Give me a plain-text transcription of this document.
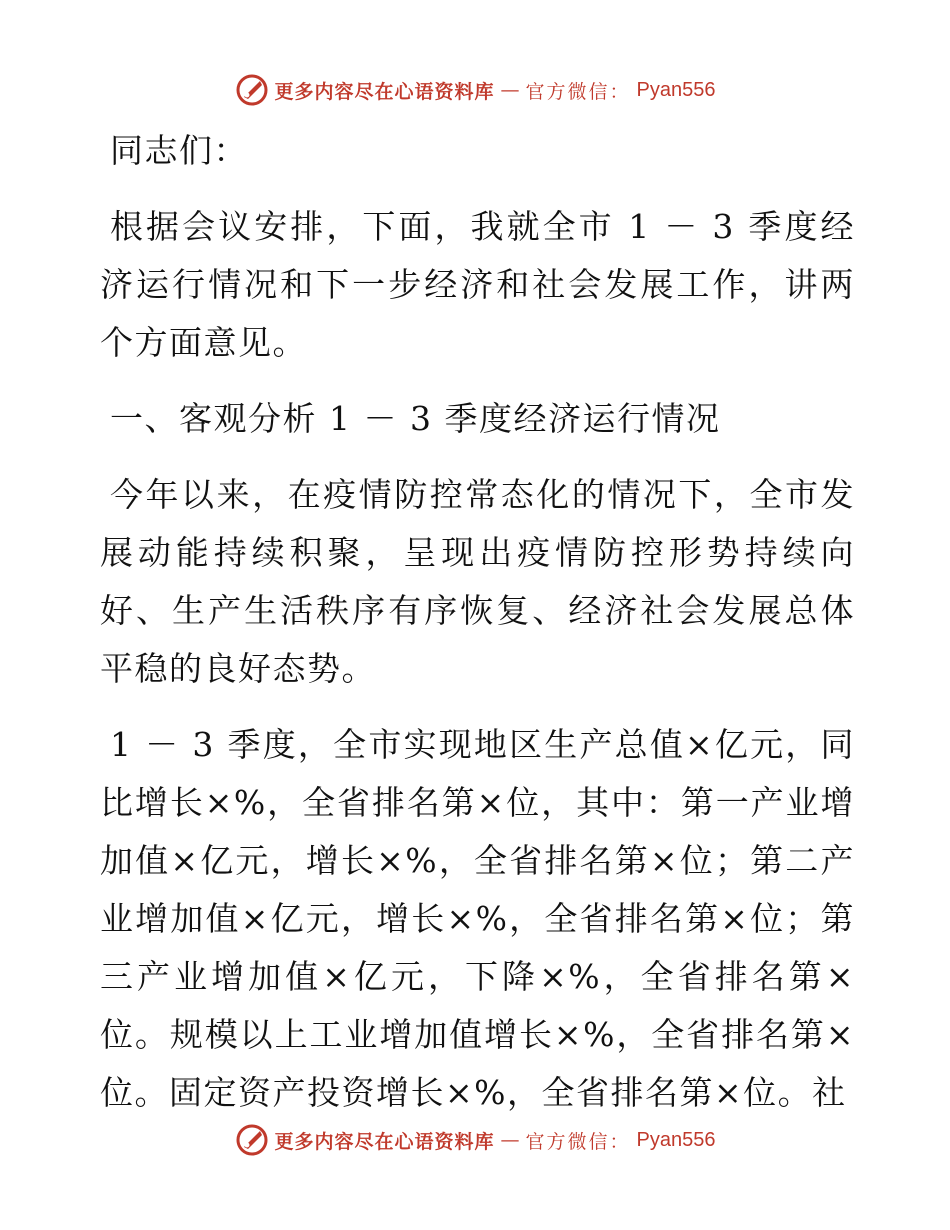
更多内容尽在心语资料库 — 官方微信： Pyan556

同志们：

根据会议安排，下面，我就全市 1 － 3 季度经济运行情况和下一步经济和社会发展工作，讲两个方面意见。

一、客观分析 1 － 3 季度经济运行情况

今年以来，在疫情防控常态化的情况下，全市发展动能持续积聚，呈现出疫情防控形势持续向好、生产生活秩序有序恢复、经济社会发展总体平稳的良好态势。

1 － 3 季度，全市实现地区生产总值×亿元，同比增长×%，全省排名第×位，其中：第一产业增加值×亿元，增长×%，全省排名第×位；第二产业增加值×亿元，增长×%，全省排名第×位；第三产业增加值×亿元，下降×%，全省排名第×位。规模以上工业增加值增长×%，全省排名第×位。固定资产投资增长×%，全省排名第×位。社

更多内容尽在心语资料库 — 官方微信： Pyan556
